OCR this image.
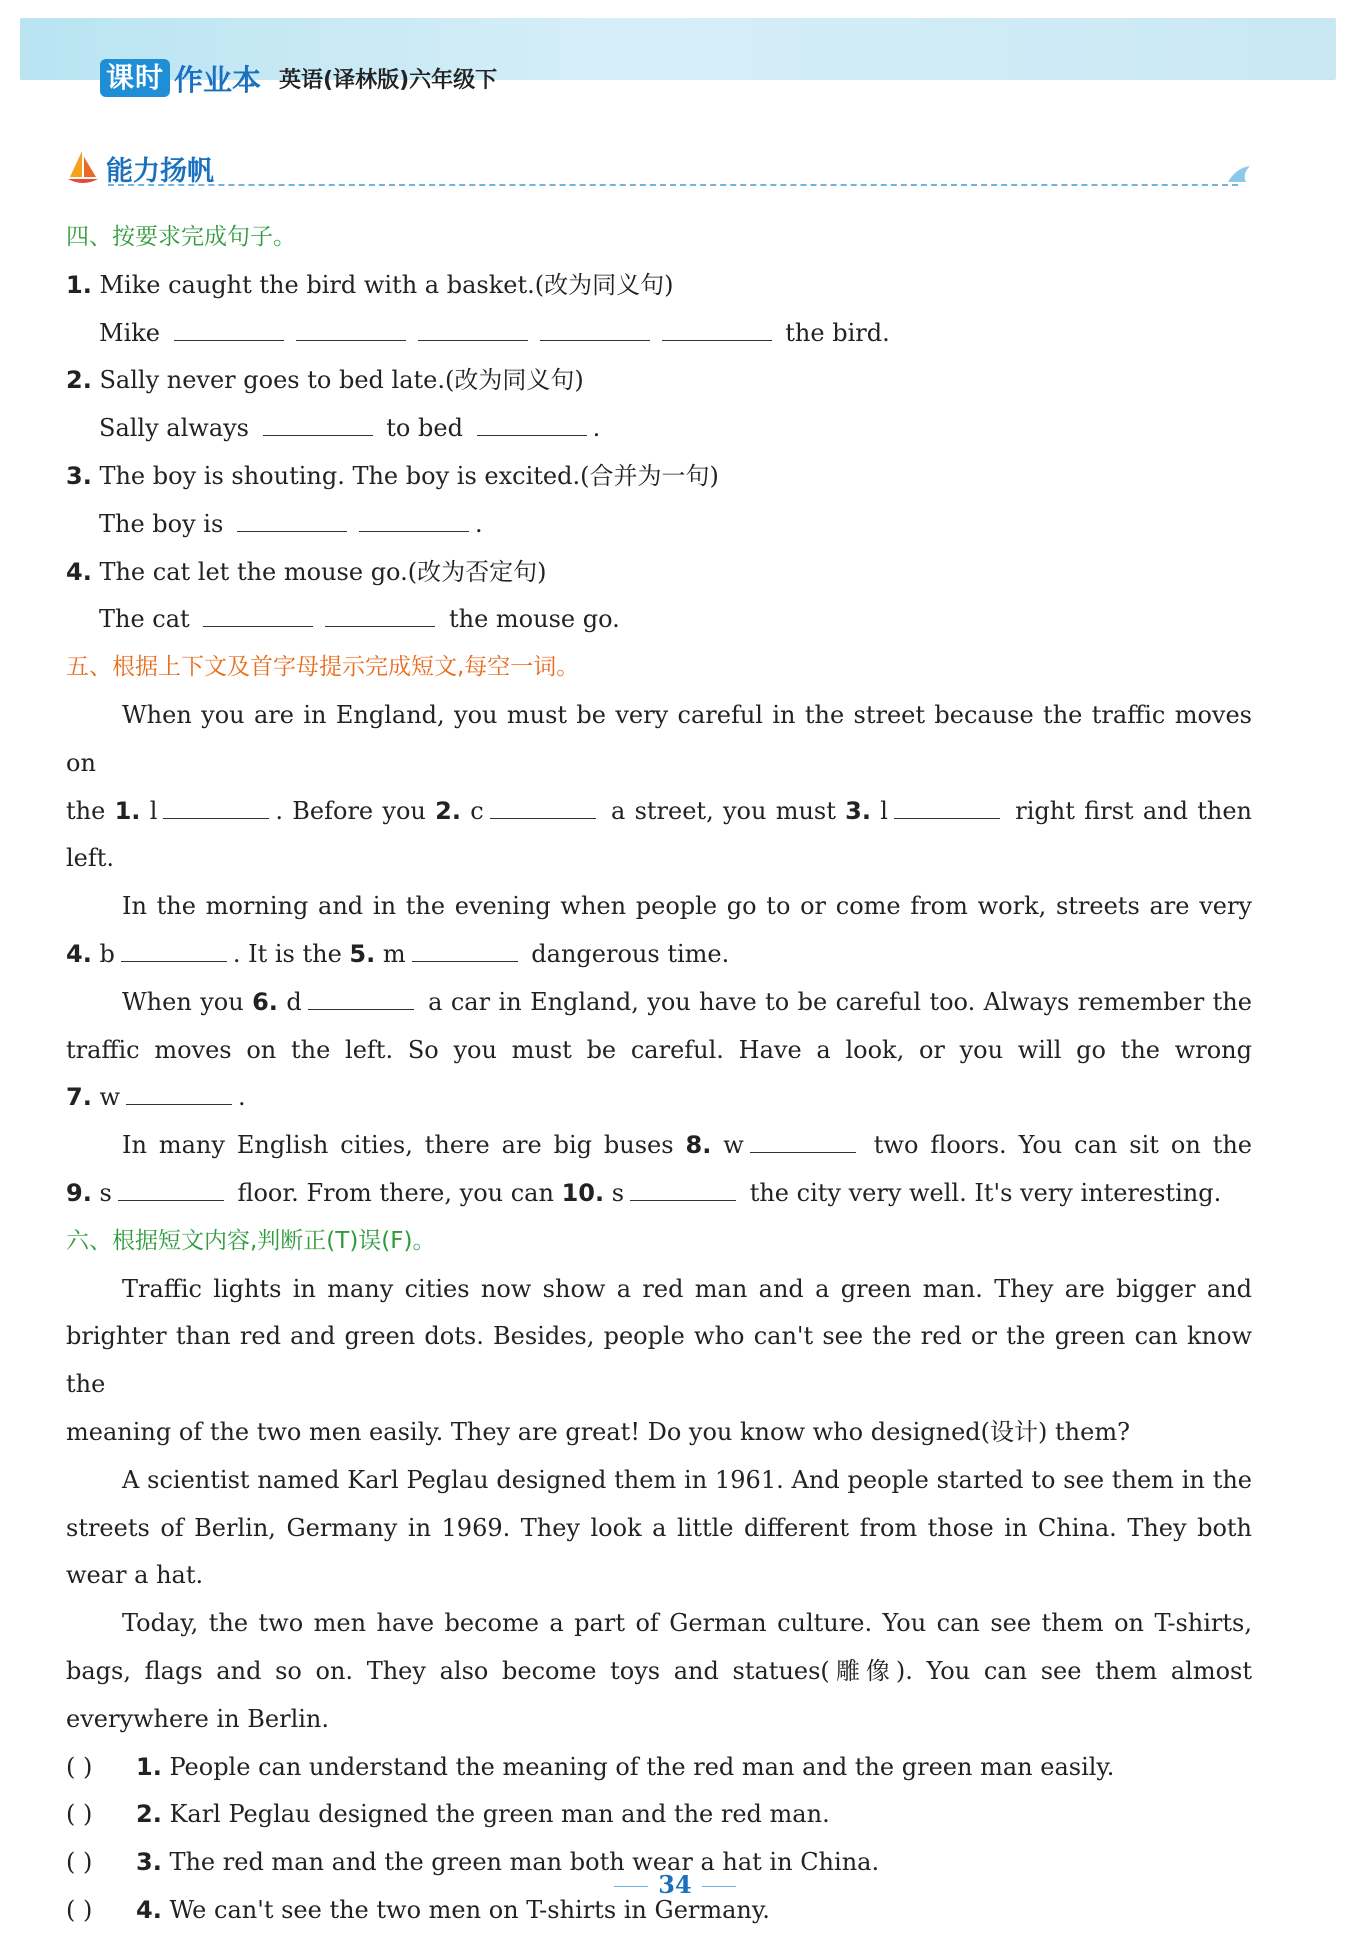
课时 作业本 英语(译林版)六年级下
能力扬帆
四、按要求完成句子。
1. Mike caught the bird with a basket.(改为同义句)
Mike	the bird.
2. Sally never goes to bed late.(改为同义句)
Sally always	to bed	.
3. The boy is shouting. The boy is excited.(合并为一句)
The boy is	.
4. The cat let the mouse go.(改为否定句)
The cat	the mouse go.
五、根据上下文及首字母提示完成短文,每空一词。
When you are in England, you must be very careful in the street because the traffic moves on
the 1. l	. Before you 2. c	a street, you must 3. l	right first and then
left.
In the morning and in the evening when people go to or come from work, streets are very
4. b	. It is the 5. m	dangerous time.
When you 6. d	a car in England, you have to be careful too. Always remember the
traffic moves on the left. So you must be careful. Have a look, or you will go the wrong
7. w	.
In many English cities, there are big buses 8. w	two floors. You can sit on the
9. s	floor. From there, you can 10. s	the city very well. It's very interesting.
六、根据短文内容,判断正(T)误(F)。
Traffic lights in many cities now show a red man and a green man. They are bigger and
brighter than red and green dots. Besides, people who can't see the red or the green can know the
meaning of the two men easily. They are great! Do you know who designed(设计) them?
A scientist named Karl Peglau designed them in 1961. And people started to see them in the
streets of Berlin, Germany in 1969. They look a little different from those in China. They both
wear a hat.
Today, the two men have become a part of German culture. You can see them on T-shirts,
bags, flags and so on. They also become toys and statues(雕像). You can see them almost
everywhere in Berlin.
( ) 1. People can understand the meaning of the red man and the green man easily.
( ) 2. Karl Peglau designed the green man and the red man.
( ) 3. The red man and the green man both wear a hat in China.
( ) 4. We can't see the two men on T-shirts in Germany.
34
